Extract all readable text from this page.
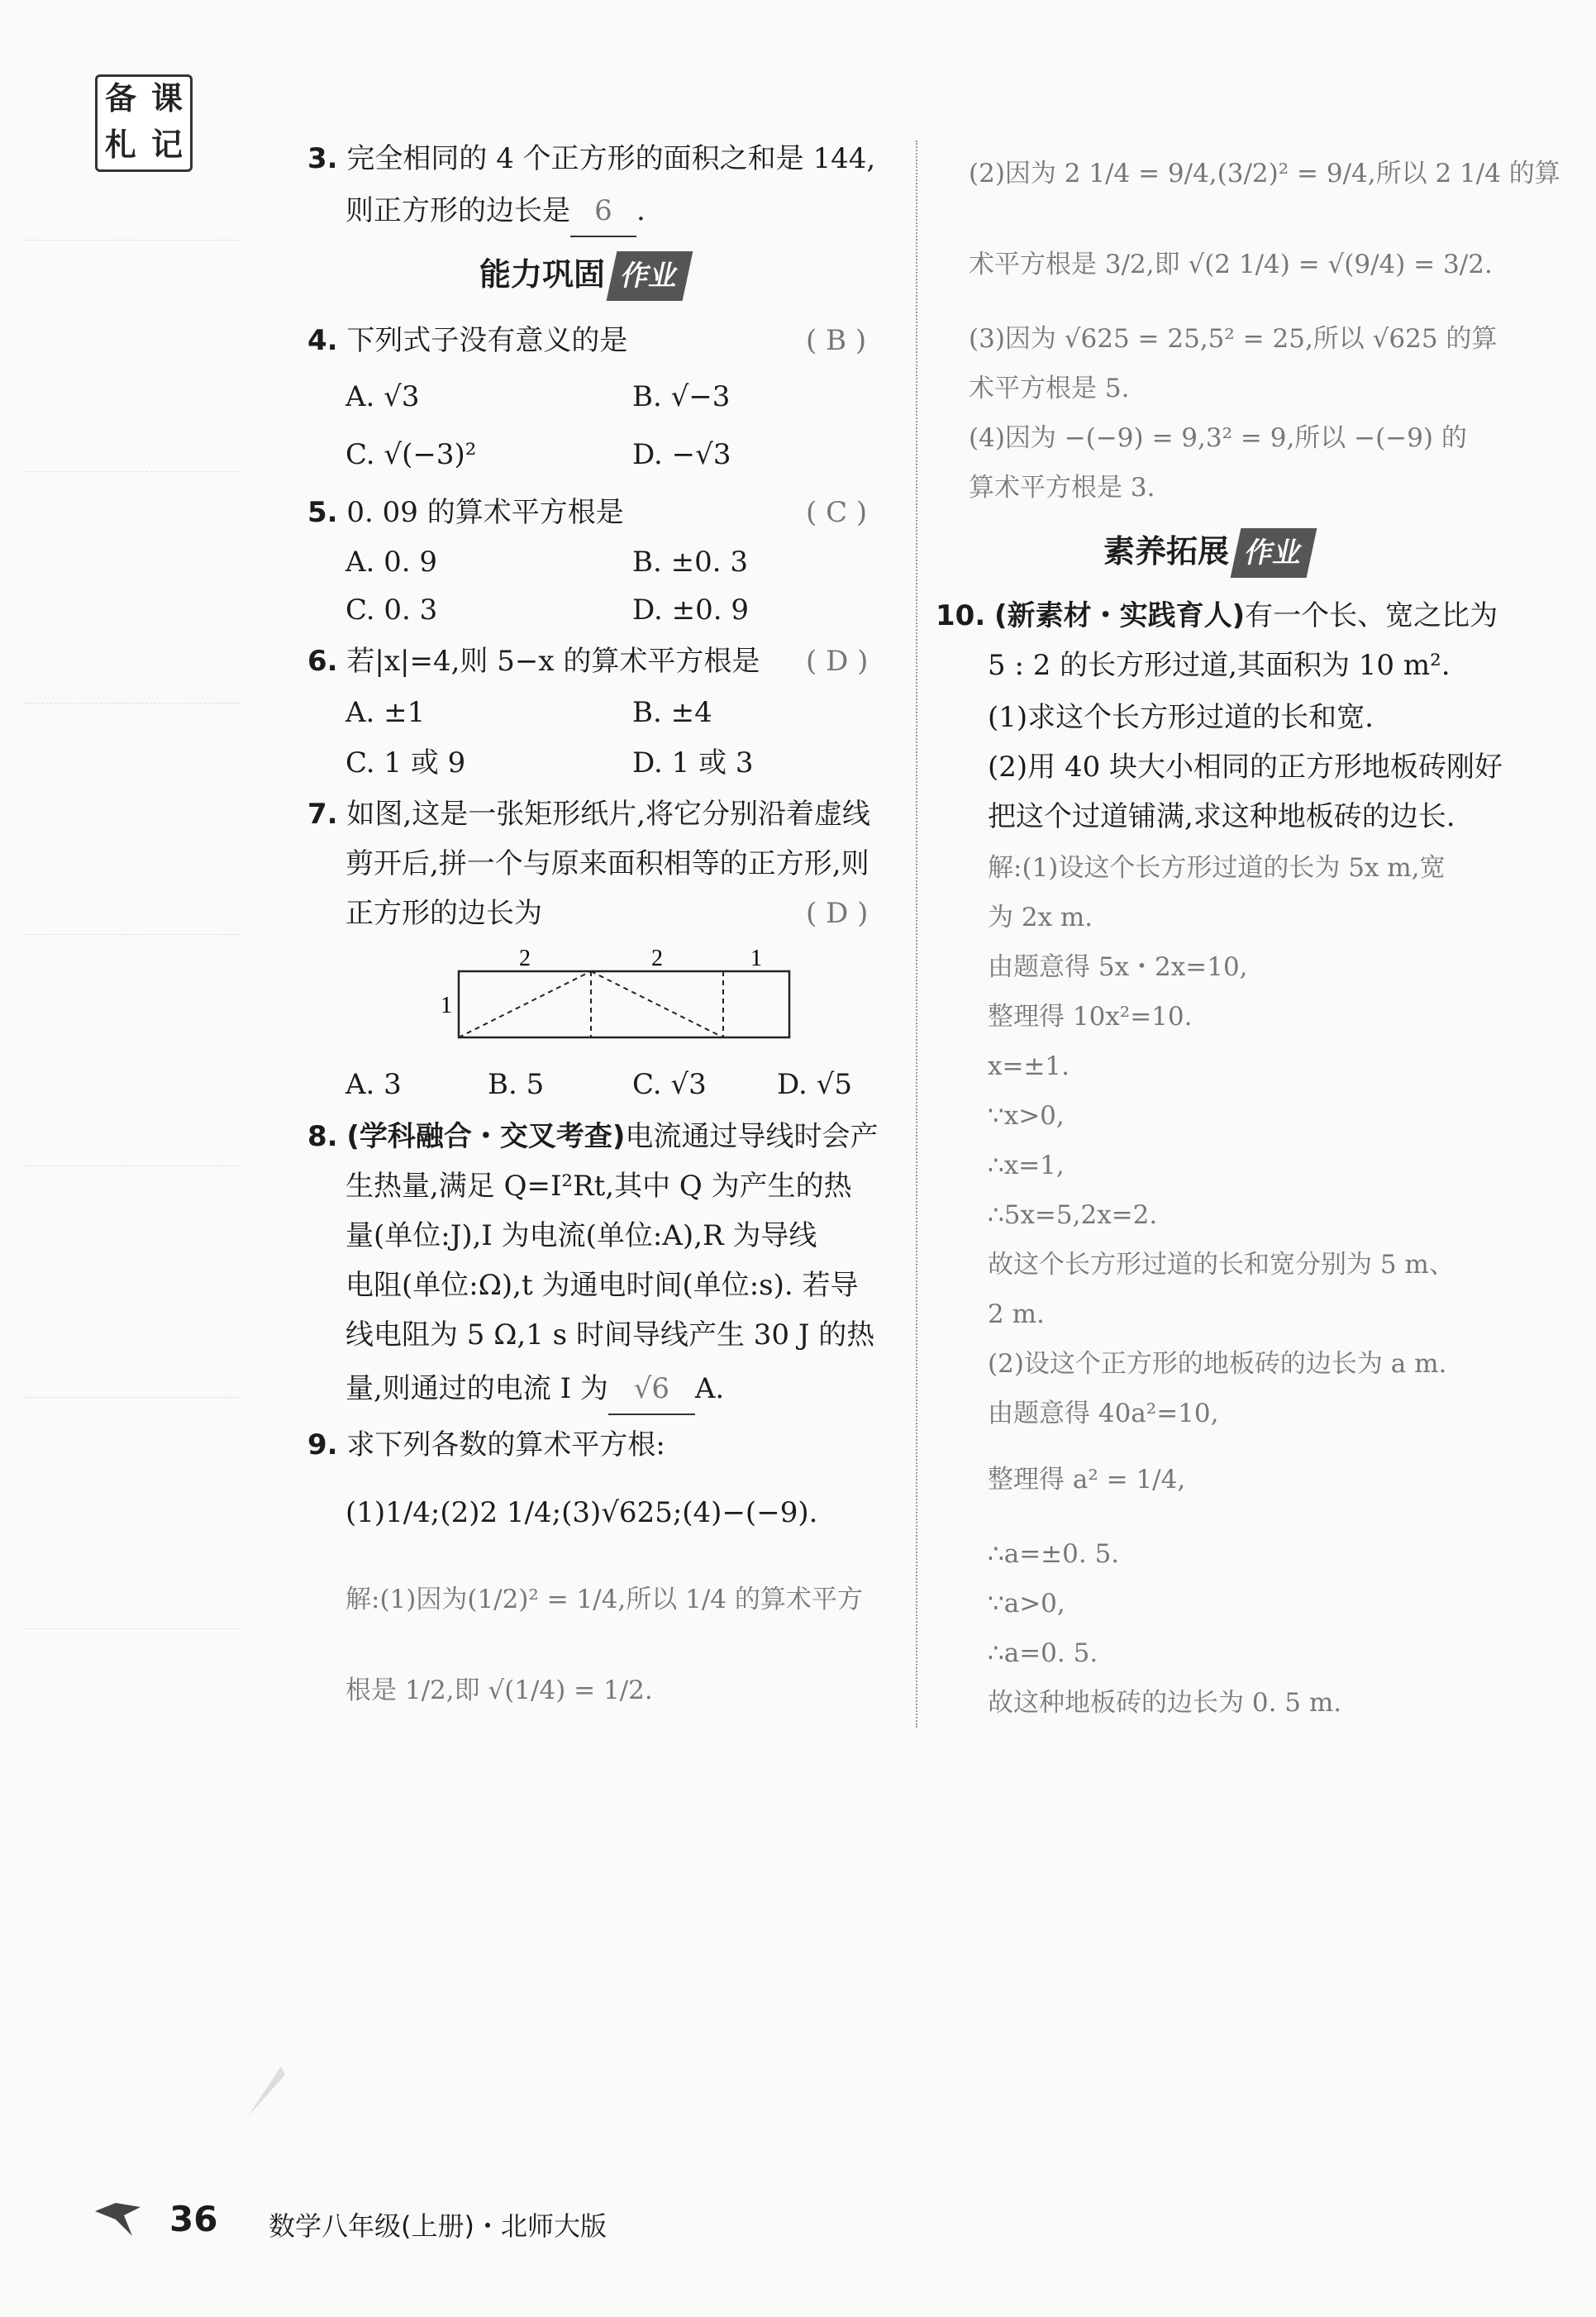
备 课
札 记	3. 完全相同的 4 个正方形的面积之和是 144,
则正方形的边长是 6 .
能力巩固 作业
4. 下列式子没有意义的是	( B )
A. √3	B. √−3
C. √(−3)²	D. −√3
5. 0. 09 的算术平方根是	( C )
A. 0. 9	B. ±0. 3
C. 0. 3	D. ±0. 9
6. 若|x|=4,则 5−x 的算术平方根是 ( D )
A. ±1	B. ±4
C. 1 或 9	D. 1 或 3
7. 如图,这是一张矩形纸片,将它分别沿着虚线
剪开后,拼一个与原来面积相等的正方形,则
正方形的边长为	( D )
2	2	1
1
A. 3	B. 5	C. √3	D. √5
8. (学科融合・交叉考查)电流通过导线时会产
生热量,满足 Q=I²Rt,其中 Q 为产生的热
量(单位:J),I 为电流(单位:A),R 为导线
电阻(单位:Ω),t 为通电时间(单位:s). 若导
线电阻为 5 Ω,1 s 时间导线产生 30 J 的热
量,则通过的电流 I 为 √6 A.
9. 求下列各数的算术平方根:
(1)1/4;(2)2 1/4;(3)√625;(4)−(−9).
解:(1)因为(1/2)² = 1/4,所以 1/4 的算术平方
根是 1/2,即 √(1/4) = 1/2.
(2)因为 2 1/4 = 9/4,(3/2)² = 9/4,所以 2 1/4 的算
术平方根是 3/2,即 √(2 1/4) = √(9/4) = 3/2.
(3)因为 √625 = 25,5² = 25,所以 √625 的算
术平方根是 5.
(4)因为 −(−9) = 9,3² = 9,所以 −(−9) 的
算术平方根是 3.
素养拓展 作业
10. (新素材・实践育人)有一个长、宽之比为
5 : 2 的长方形过道,其面积为 10 m².
(1)求这个长方形过道的长和宽.
(2)用 40 块大小相同的正方形地板砖刚好
把这个过道铺满,求这种地板砖的边长.
解:(1)设这个长方形过道的长为 5x m,宽
为 2x m.
由题意得 5x・2x=10,
整理得 10x²=10.
x=±1.
∵x>0,
∴x=1,
∴5x=5,2x=2.
故这个长方形过道的长和宽分别为 5 m、
2 m.
(2)设这个正方形的地板砖的边长为 a m.
由题意得 40a²=10,
整理得 a² = 1/4,
∴a=±0. 5.
∵a>0,
∴a=0. 5.
故这种地板砖的边长为 0. 5 m.
36 数学八年级(上册)・北师大版
